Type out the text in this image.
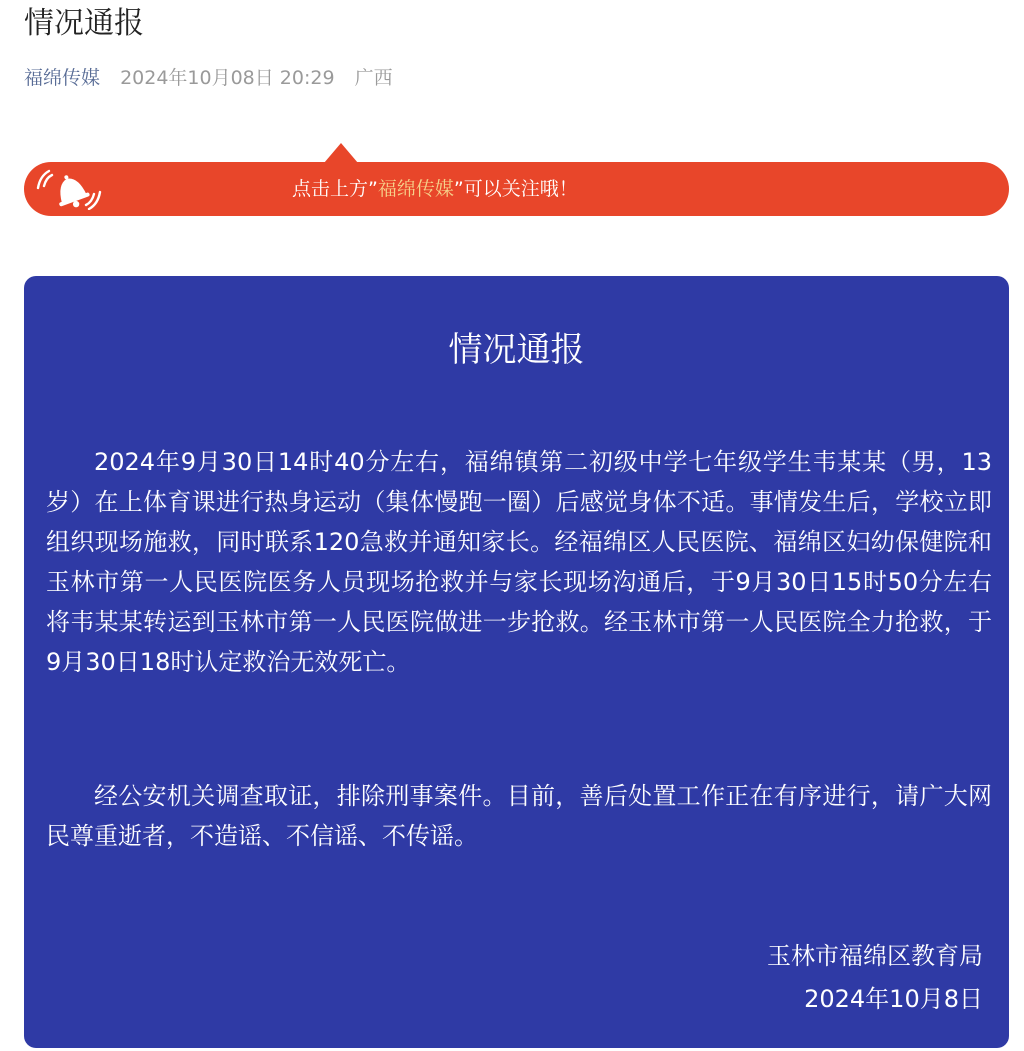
情况通报
福绵传媒 2024年10月08日 20:29 广西
点击上方”福绵传媒”可以关注哦！
情况通报

2024年9月30日14时40分左右，福绵镇第二初级中学七年级学生韦某某（男，13岁）在上体育课进行热身运动（集体慢跑一圈）后感觉身体不适。事情发生后，学校立即组织现场施救，同时联系120急救并通知家长。经福绵区人民医院、福绵区妇幼保健院和玉林市第一人民医院医务人员现场抢救并与家长现场沟通后，于9月30日15时50分左右将韦某某转运到玉林市第一人民医院做进一步抢救。经玉林市第一人民医院全力抢救，于9月30日18时认定救治无效死亡。

经公安机关调查取证，排除刑事案件。目前，善后处置工作正在有序进行，请广大网民尊重逝者，不造谣、不信谣、不传谣。

玉林市福绵区教育局
2024年10月8日
